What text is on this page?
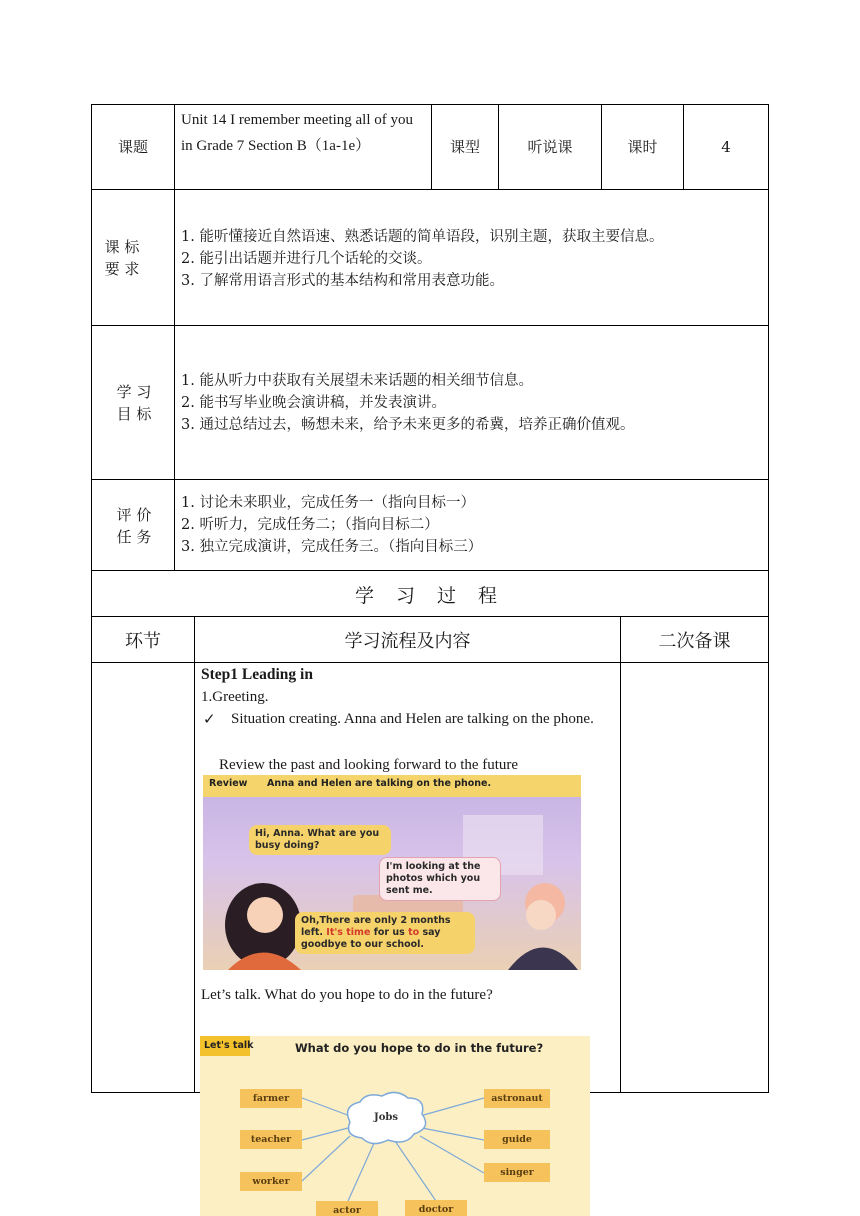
课题
Unit 14 I remember meeting all of you in Grade 7 Section B（1a-1e）	课型	听说课	课时	4
课 标
要 求
1. 能听懂接近自然语速、熟悉话题的简单语段，识别主题，获取主要信息。
2. 能引出话题并进行几个话轮的交谈。
3. 了解常用语言形式的基本结构和常用表意功能。
学 习
目 标
1. 能从听力中获取有关展望未来话题的相关细节信息。
2. 能书写毕业晚会演讲稿，并发表演讲。
3. 通过总结过去，畅想未来，给予未来更多的希冀，培养正确价值观。
评 价
任 务
1. 讨论未来职业，完成任务一（指向目标一）
2. 听听力，完成任务二；（指向目标二）
3. 独立完成演讲，完成任务三。（指向目标三）
学 习 过 程
环节	学习流程及内容	二次备课
Step1 Leading in
1.Greeting.
✓ Situation creating. Anna and Helen are talking on the phone.
Review the past and looking forward to the future
Review Anna and Helen are talking on the phone.
Hi, Anna. What are you busy doing?
I'm looking at the photos which you sent me.
Oh,There are only 2 months left. It's time for us to say goodbye to our school.
Let’s talk. What do you hope to do in the future?
Let's talk	What do you hope to do in the future?
Jobs
farmer
teacher
worker
astronaut
guide
singer
actor	doctor
